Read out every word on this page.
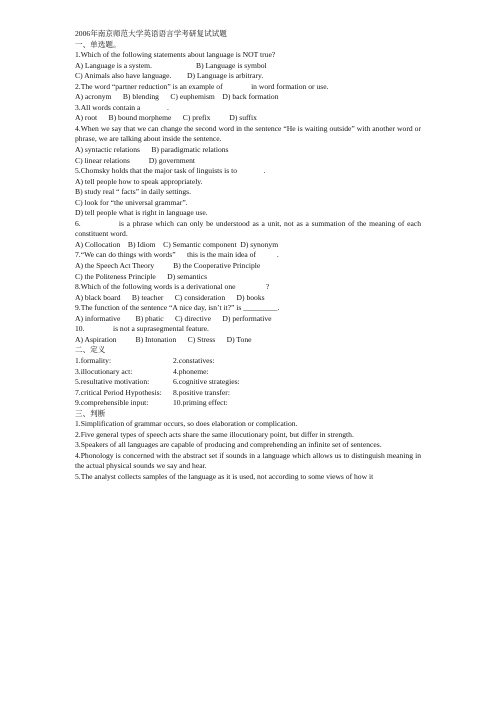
2006年南京师范大学英语语言学考研复试试题
一、单选题。
1.Which of the following statements about language is NOT true?
A) Language is a system.	B) Language is symbol
C) Animals also have language.	D) Language is arbitrary.
2.The word “partner reduction” is an example of               in word formation or use.
A) acronym      B) blending      C) euphemism    D) back formation
3.All words contain a              .
A) root      B) bound morpheme      C) prefix          D) suffix
4.When we say that we can change the second word in the sentence “He is waiting outside” with another word or phrase, we are talking about inside the sentence.
A) syntactic relations      B) paradigmatic relations
C) linear relations          D) government
5.Chomsky holds that the major task of linguists is to              .
A) tell people how to speak appropriately.
B) study real “ facts” in daily settings.
C) look for “the universal grammar”.
D) tell people what is right in language use.
6.              is a phrase which can only be understood as a unit, not as a summation of the meaning of each constituent word.
A) Collocation    B) Idiom    C) Semantic component  D) synonym
7.“We can do things with words”      this is the main idea of           .
A) the Speech Act Theory          B) the Cooperative Principle
C) the Politeness Principle      D) semantics
8.Which of the following words is a derivational one                ?
A) black board      B) teacher      C) consideration      D) books
9.The function of the sentence “A nice day, isn’t it?” is _________.
A) informative        B) phatic      C) directive      D) performative
10.               is not a suprasegmental feature.
A) Aspiration          B) Intonation      C) Stress      D) Tone
二、定义
1.formality:	2.constatives:
3.illocutionary act:	4.phoneme:
5.resultative motivation:	6.cognitive strategies:
7.critical Period Hypothesis:	8.positive transfer:
9.comprehensible input:	10.priming effect:
三、判断
1.Simplification of grammar occurs, so does elaboration or complication.
2.Five general types of speech acts share the same illocutionary point, but differ in strength.
3.Speakers of all languages are capable of producing and comprehending an infinite set of sentences.
4.Phonology is concerned with the abstract set if sounds in a language which allows us to distinguish meaning in the actual physical sounds we say and hear.
5.The analyst collects samples of the language as it is used, not according to some views of how it
